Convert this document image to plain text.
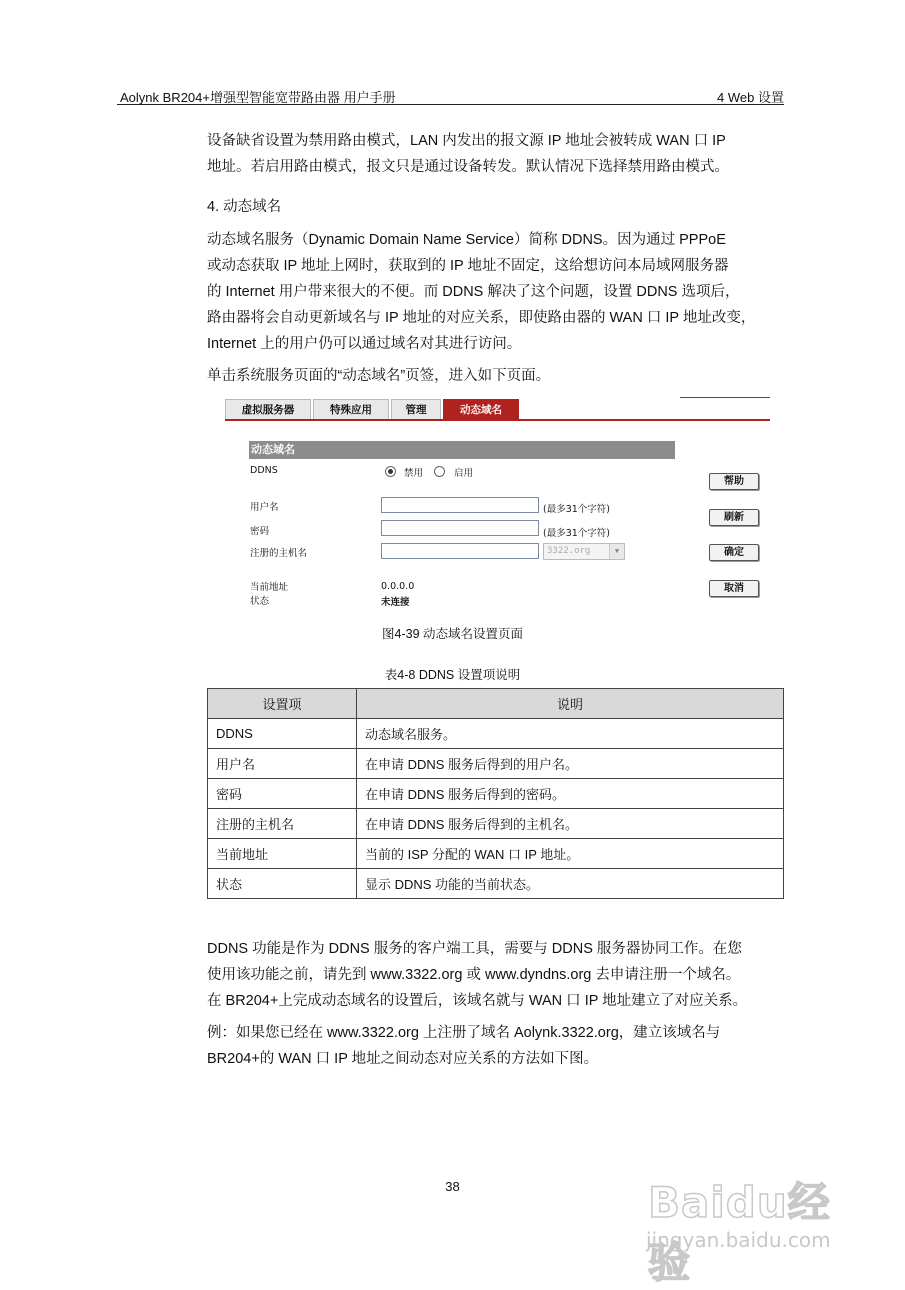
Aolynk BR204+增强型智能宽带路由器 用户手册	4 Web 设置

设备缺省设置为禁用路由模式，LAN 内发出的报文源 IP 地址会被转成 WAN 口 IP
地址。若启用路由模式，报文只是通过设备转发。默认情况下选择禁用路由模式。

4. 动态域名

动态域名服务（Dynamic Domain Name Service）简称 DDNS。因为通过 PPPoE
或动态获取 IP 地址上网时，获取到的 IP 地址不固定，这给想访问本局域网服务器
的 Internet 用户带来很大的不便。而 DDNS 解决了这个问题，设置 DDNS 选项后，
路由器将会自动更新域名与 IP 地址的对应关系，即使路由器的 WAN 口 IP 地址改变，
Internet 上的用户仍可以通过域名对其进行访问。

单击系统服务页面的“动态域名”页签，进入如下页面。

虚拟服务器	特殊应用	管理	动态域名
动态域名
DDNS	禁用	启用
用户名	(最多31个字符)
密码	(最多31个字符)
注册的主机名	3322.org	▼
当前地址	0.0.0.0
状态	未连接
帮助
刷新
确定
取消
图4-39 动态域名设置页面
表4-8 DDNS 设置项说明
设置项	说明
DDNS	动态域名服务。
用户名	在申请 DDNS 服务后得到的用户名。
密码	在申请 DDNS 服务后得到的密码。
注册的主机名	在申请 DDNS 服务后得到的主机名。
当前地址	当前的 ISP 分配的 WAN 口 IP 地址。
状态	显示 DDNS 功能的当前状态。

DDNS 功能是作为 DDNS 服务的客户端工具，需要与 DDNS 服务器协同工作。在您
使用该功能之前，请先到 www.3322.org 或 www.dyndns.org 去申请注册一个域名。
在 BR204+上完成动态域名的设置后，该域名就与 WAN 口 IP 地址建立了对应关系。

例：如果您已经在 www.3322.org 上注册了域名 Aolynk.3322.org，建立该域名与
BR204+的 WAN 口 IP 地址之间动态对应关系的方法如下图。

38	Baidu经验
jingyan.baidu.com
